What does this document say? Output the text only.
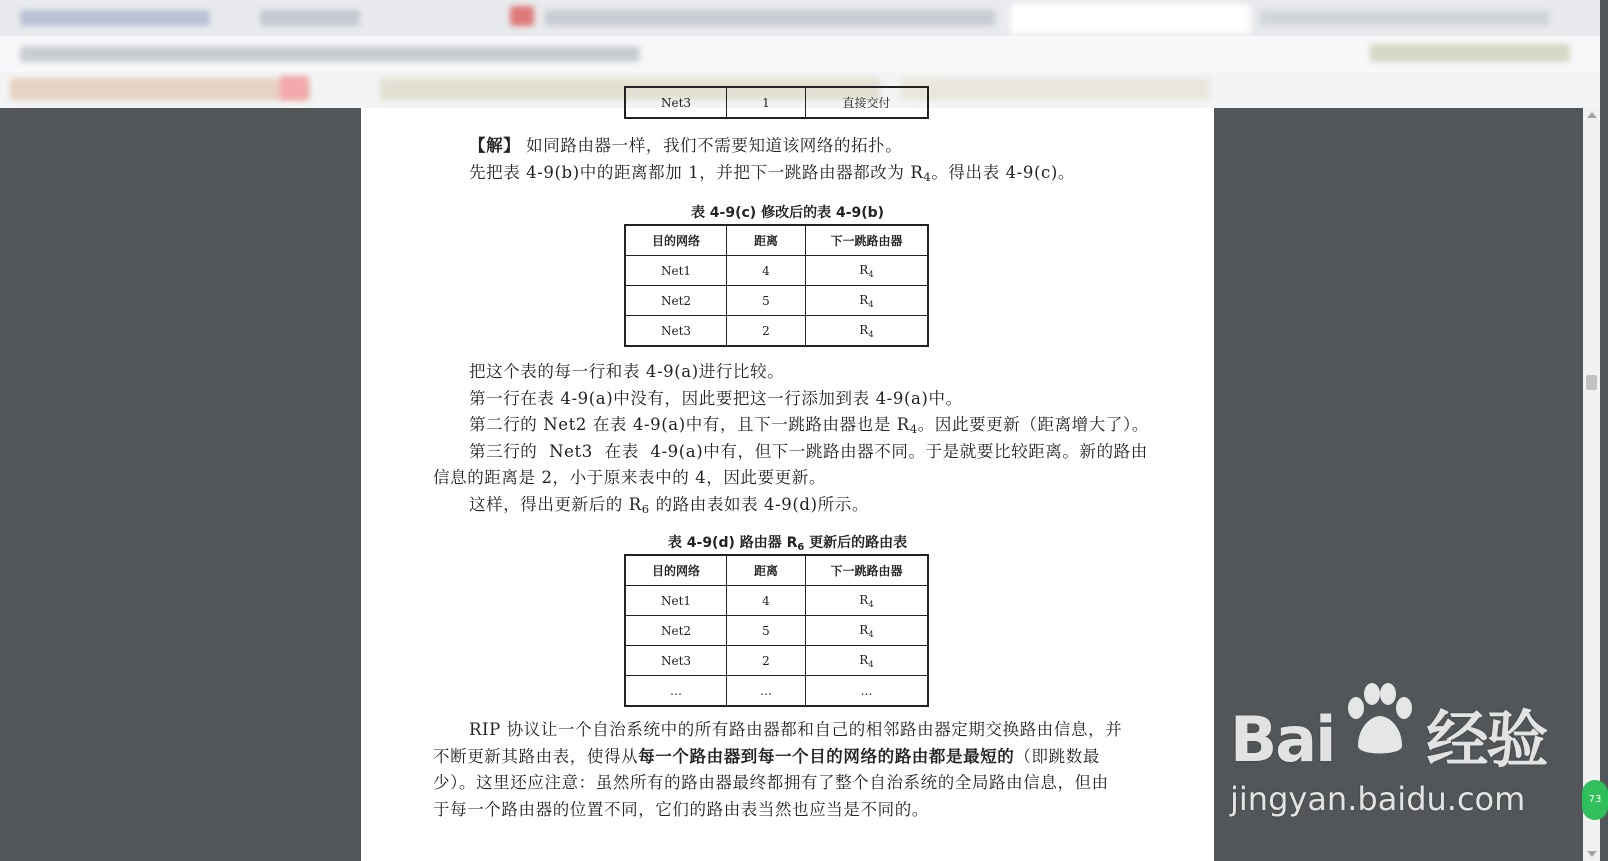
Net3	1	直接交付

【解】 如同路由器一样，我们不需要知道该网络的拓扑。

先把表 4-9(b)中的距离都加 1，并把下一跳路由器都改为 $R_4$。得出表 4-9(c)。

表 4-9(c) 修改后的表 4-9(b)
目的网络	距离	下一跳路由器
Net1	4	$R_4$
Net2	5	$R_4$
Net3	2	$R_4$

把这个表的每一行和表 4-9(a)进行比较。

第一行在表 4-9(a)中没有，因此要把这一行添加到表 4-9(a)中。

第二行的 Net2 在表 4-9(a)中有，且下一跳路由器也是 $R_4$。因此要更新（距离增大了）。

第三行的  Net3  在表  4-9(a)中有，但下一跳路由器不同。于是就要比较距离。新的路由

信息的距离是 2，小于原来表中的 4，因此要更新。

这样，得出更新后的 $R_6$ 的路由表如表 4-9(d)所示。

表 4-9(d) 路由器 $R_6$ 更新后的路由表
目的网络	距离	下一跳路由器
Net1	4	$R_4$
Net2	5	$R_4$
Net3	2	$R_4$
…	…	…

RIP 协议让一个自治系统中的所有路由器都和自己的相邻路由器定期交换路由信息，并

不断更新其路由表，使得从每一个路由器到每一个目的网络的路由都是最短的（即跳数最

少）。这里还应注意：虽然所有的路由器最终都拥有了整个自治系统的全局路由信息，但由

于每一个路由器的位置不同，它们的路由表当然也应当是不同的。

Bai 经验
jingyan.baidu.com	73
